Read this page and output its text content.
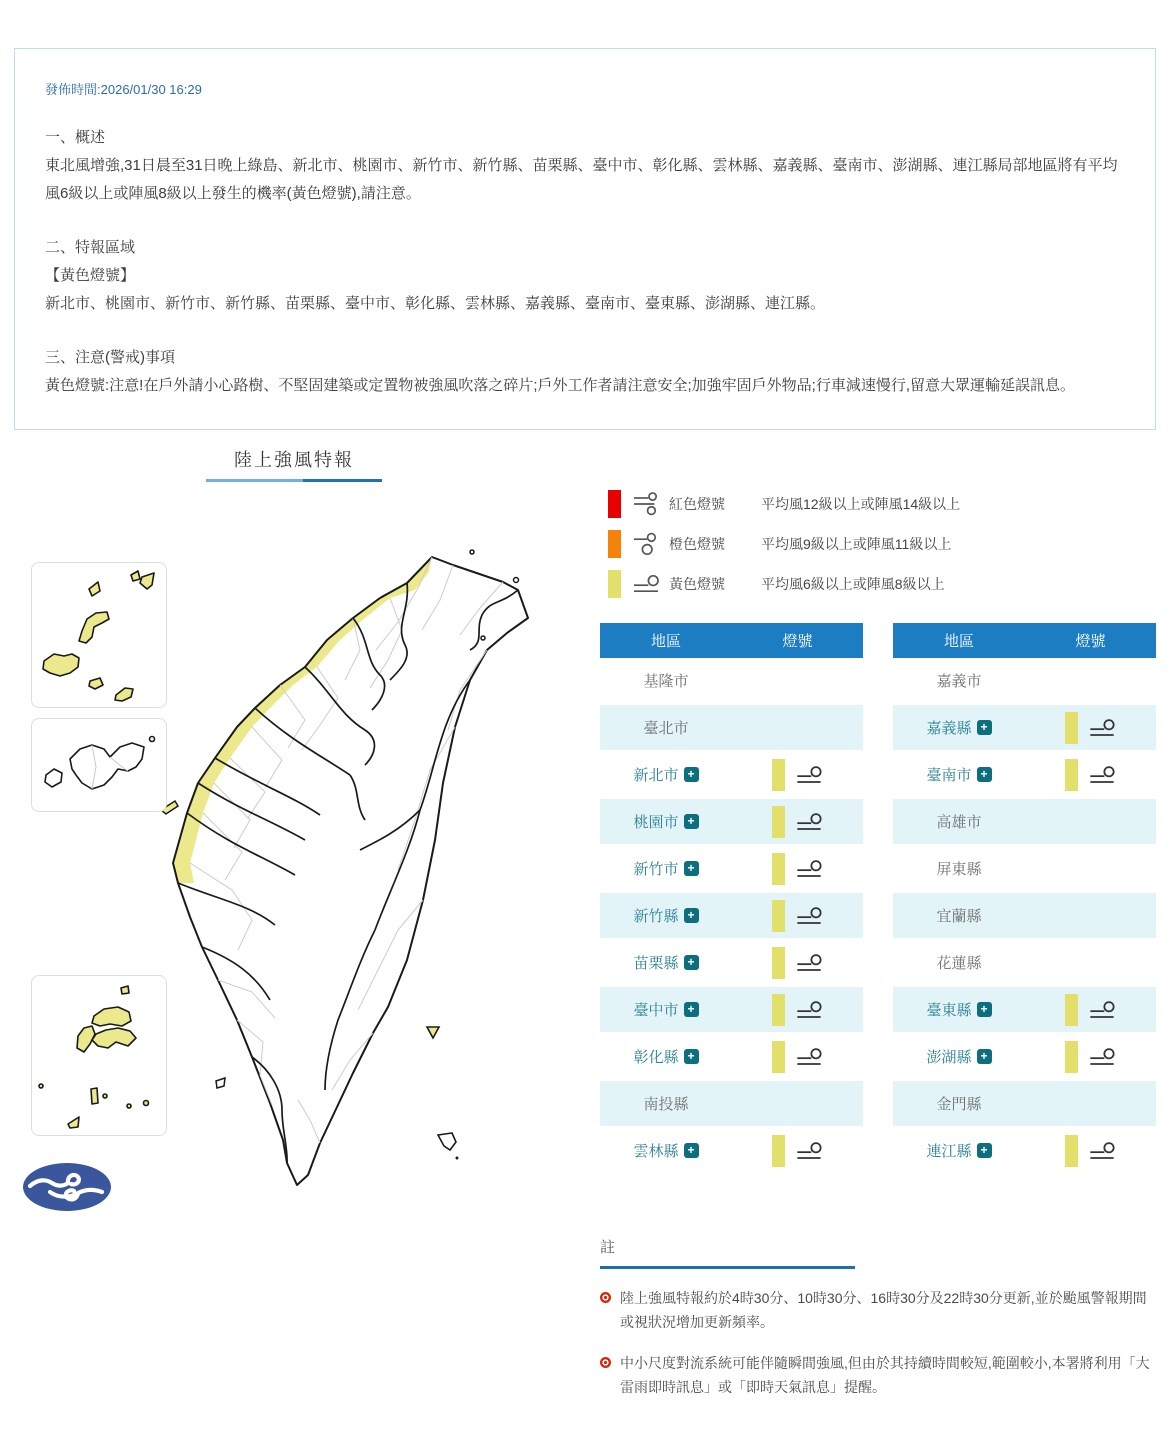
發佈時間:2026/01/30 16:29
一、概述
東北風增強,31日晨至31日晚上綠島、新北市、桃園市、新竹市、新竹縣、苗栗縣、臺中市、彰化縣、雲林縣、嘉義縣、臺南市、澎湖縣、連江縣局部地區將有平均風6級以上或陣風8級以上發生的機率(黃色燈號),請注意。
二、特報區域
【黃色燈號】
新北市、桃園市、新竹市、新竹縣、苗栗縣、臺中市、彰化縣、雲林縣、嘉義縣、臺南市、臺東縣、澎湖縣、連江縣。
三、注意(警戒)事項
黃色燈號:注意!在戶外請小心路樹、不堅固建築或定置物被強風吹落之碎片;戶外工作者請注意安全;加強牢固戶外物品;行車減速慢行,留意大眾運輸延誤訊息。
陸上強風特報
紅色燈號	平均風12級以上或陣風14級以上
橙色燈號	平均風9級以上或陣風11級以上
黃色燈號	平均風6級以上或陣風8級以上
地區	燈號
基隆市
臺北市
新北市 +
桃園市 +
新竹市 +
新竹縣 +
苗栗縣 +
臺中市 +
彰化縣 +
南投縣
雲林縣 +
地區	燈號
嘉義市
嘉義縣 +
臺南市 +
高雄市
屏東縣
宜蘭縣
花蓮縣
臺東縣 +
澎湖縣 +
金門縣
連江縣 +
註
陸上強風特報約於4時30分、10時30分、16時30分及22時30分更新,並於颱風警報期間或視狀況增加更新頻率。
中小尺度對流系統可能伴隨瞬間強風,但由於其持續時間較短,範圍較小,本署將利用「大雷雨即時訊息」或「即時天氣訊息」提醒。
